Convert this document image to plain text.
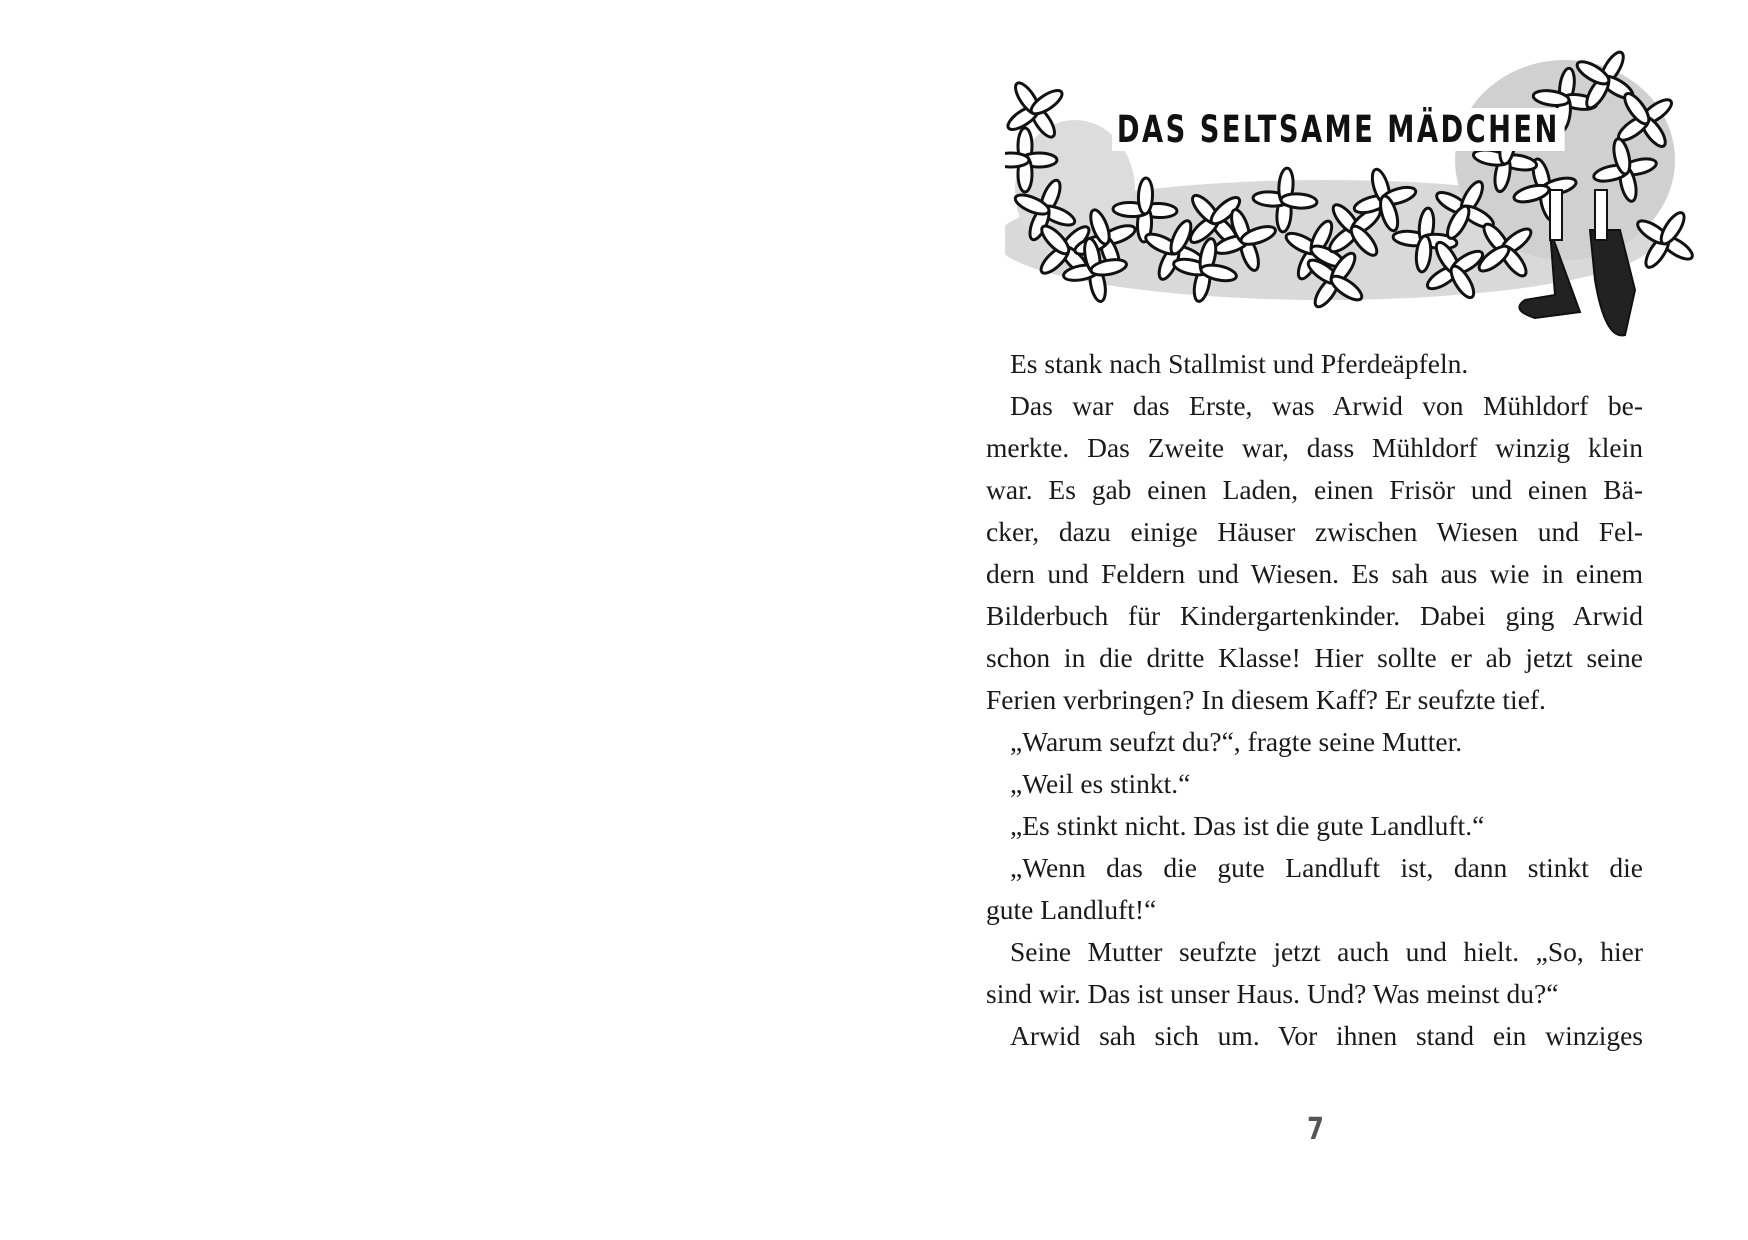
DAS SELTSAME MÄDCHEN
Es stank nach Stallmist und Pferdeäpfeln.
Das war das Erste, was Arwid von Mühldorf be-
merkte. Das Zweite war, dass Mühldorf winzig klein
war. Es gab einen Laden, einen Frisör und einen Bä-
cker, dazu einige Häuser zwischen Wiesen und Fel-
dern und Feldern und Wiesen. Es sah aus wie in einem
Bilderbuch für Kindergartenkinder. Dabei ging Arwid
schon in die dritte Klasse! Hier sollte er ab jetzt seine
Ferien verbringen? In diesem Kaff? Er seufzte tief.
„Warum seufzt du?“, fragte seine Mutter.
„Weil es stinkt.“
„Es stinkt nicht. Das ist die gute Landluft.“
„Wenn das die gute Landluft ist, dann stinkt die
gute Landluft!“
Seine Mutter seufzte jetzt auch und hielt. „So, hier
sind wir. Das ist unser Haus. Und? Was meinst du?“
Arwid sah sich um. Vor ihnen stand ein winziges
7
